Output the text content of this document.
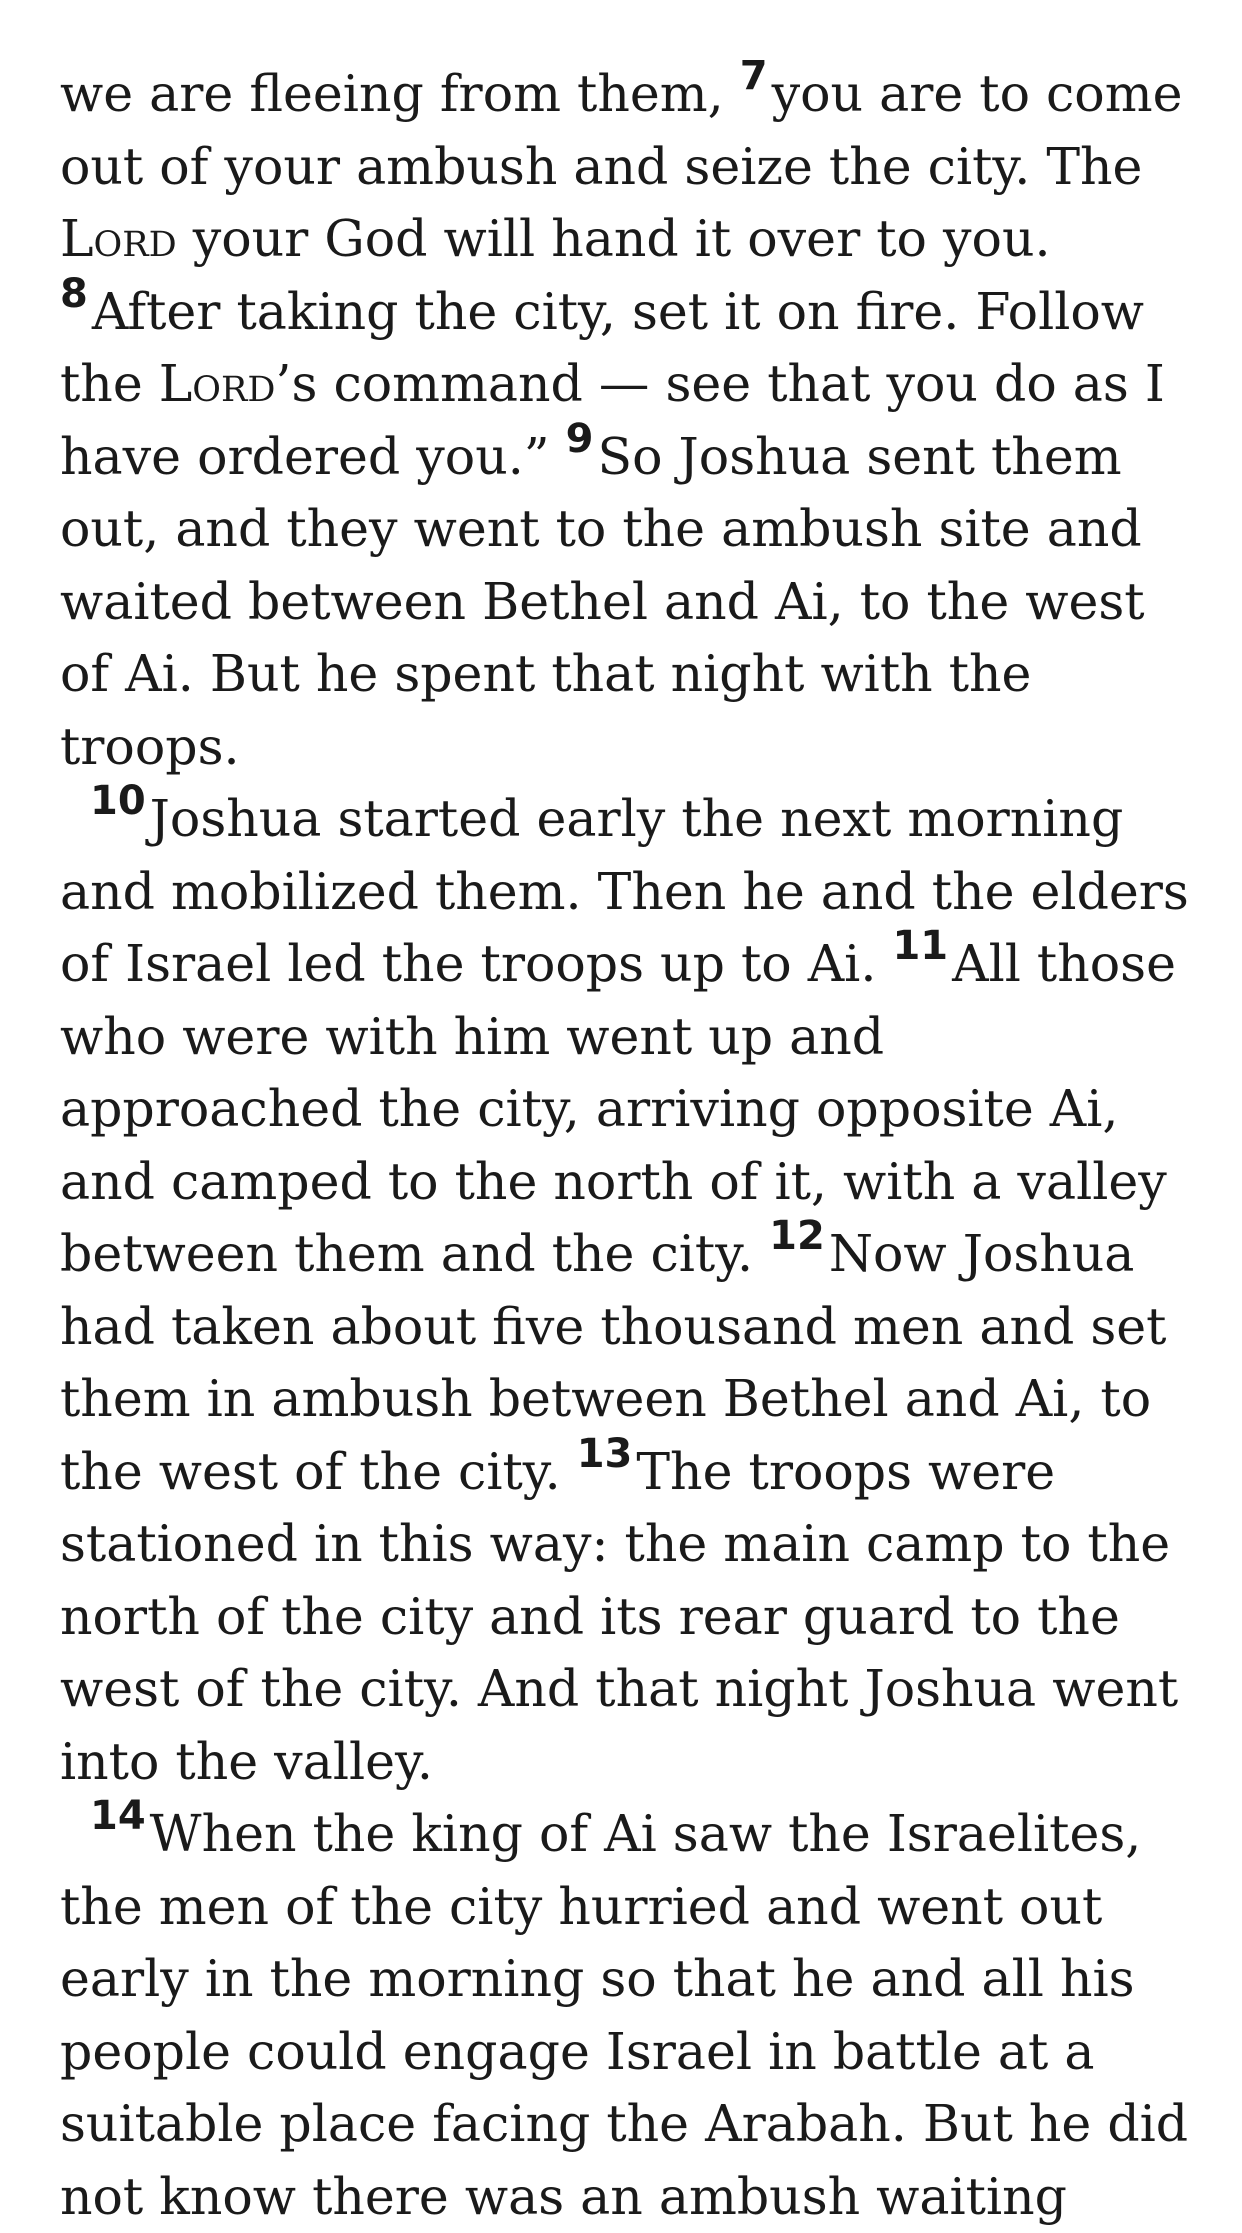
we are fleeing from them, $^7$you are to come out of your ambush and seize the city. The Lord your God will hand it over to you. $^8$After taking the city, set it on fire. Follow the Lord’s command — see that you do as I have ordered you.” $^9$So Joshua sent them out, and they went to the ambush site and waited between Bethel and Ai, to the west of Ai. But he spent that night with the troops.

$^{10}$Joshua started early the next morning and mobilized them. Then he and the elders of Israel led the troops up to Ai. $^{11}$All those who were with him went up and approached the city, arriving opposite Ai, and camped to the north of it, with a valley between them and the city. $^{12}$Now Joshua had taken about five thousand men and set them in ambush between Bethel and Ai, to the west of the city. $^{13}$The troops were stationed in this way: the main camp to the north of the city and its rear guard to the west of the city. And that night Joshua went into the valley.

$^{14}$When the king of Ai saw the Israelites, the men of the city hurried and went out early in the morning so that he and all his people could engage Israel in battle at a suitable place facing the Arabah. But he did not know there was an ambush waiting
